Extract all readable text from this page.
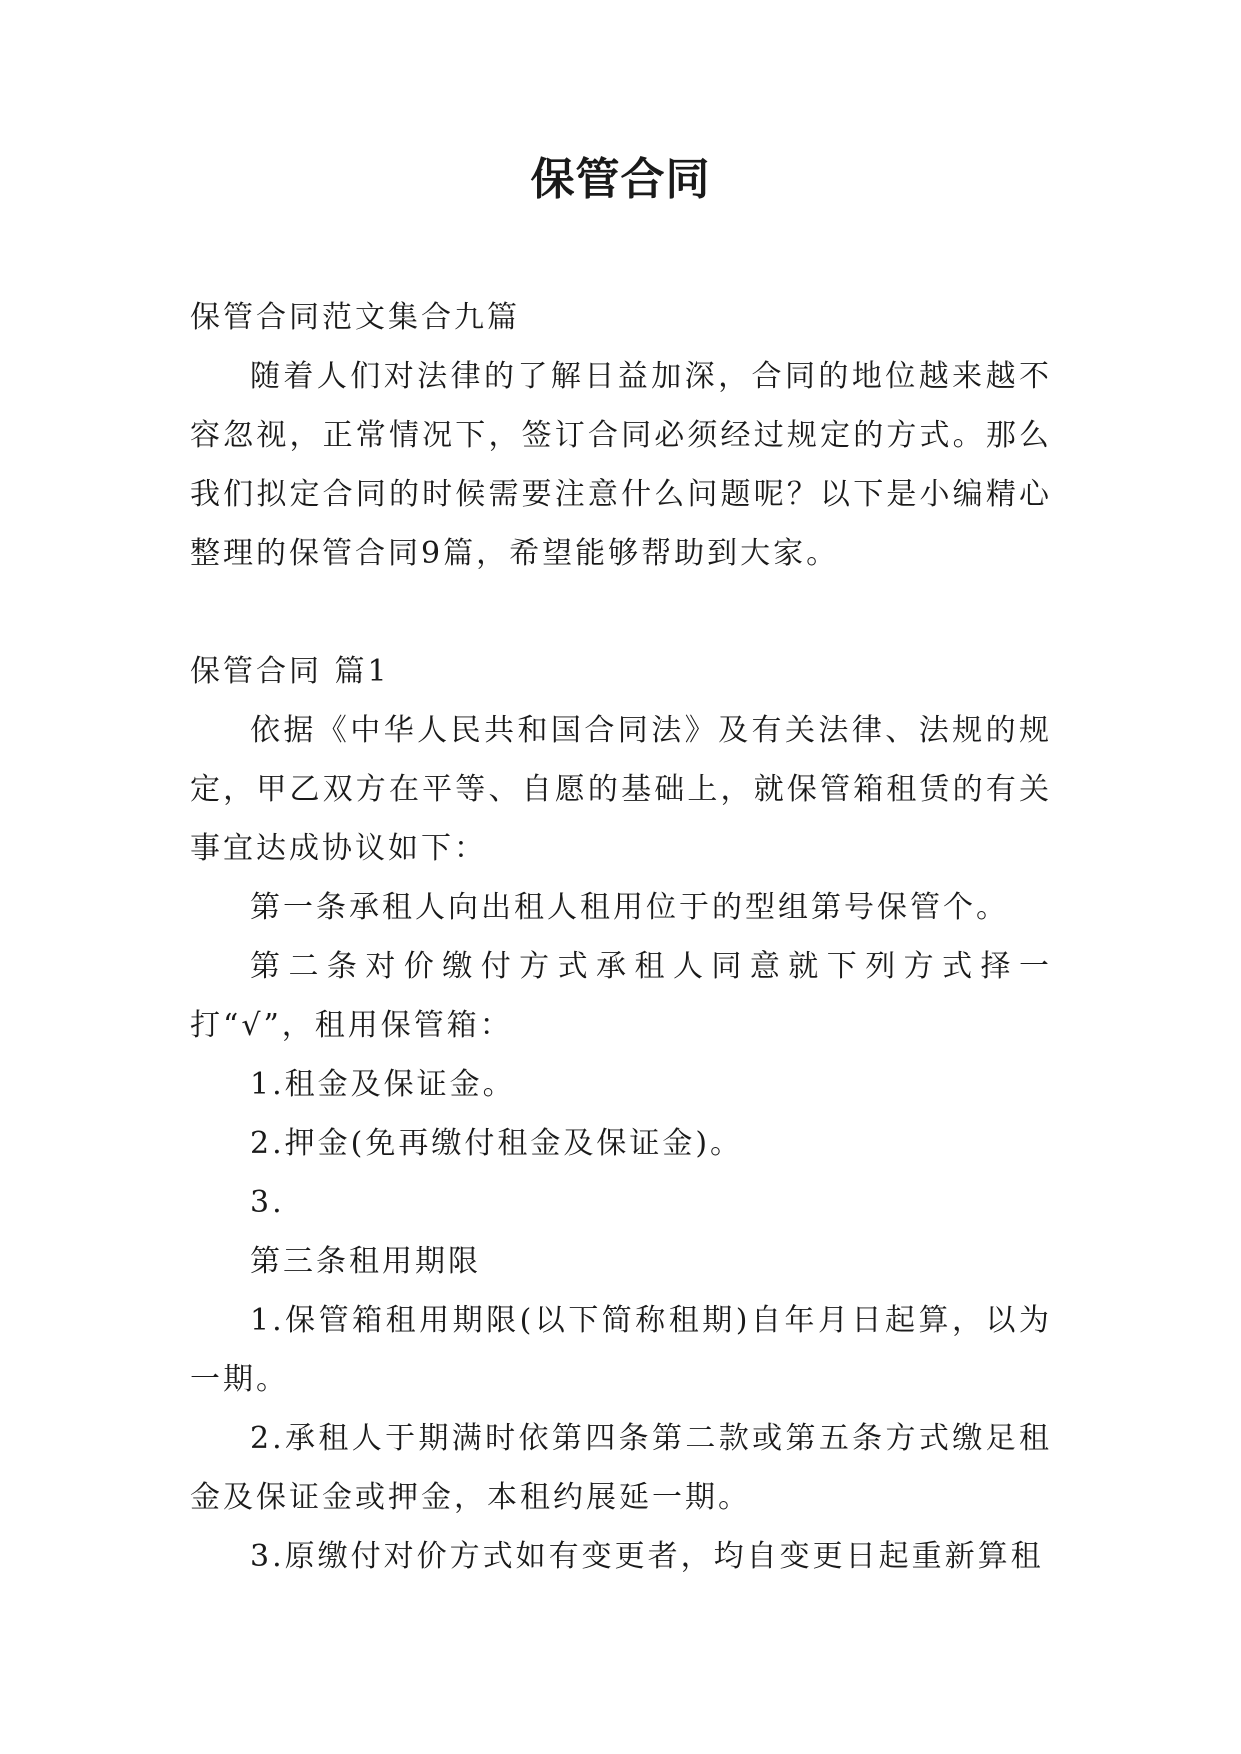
保管合同

保管合同范文集合九篇

随着人们对法律的了解日益加深，合同的地位越来越不容忽视，正常情况下，签订合同必须经过规定的方式。那么我们拟定合同的时候需要注意什么问题呢？以下是小编精心整理的保管合同9篇，希望能够帮助到大家。

保管合同 篇1

依据《中华人民共和国合同法》及有关法律、法规的规定，甲乙双方在平等、自愿的基础上，就保管箱租赁的有关事宜达成协议如下：

第一条承租人向出租人租用位于的型组第号保管个。

第二条对价缴付方式承租人同意就下列方式择一打“√”，租用保管箱：

1.租金及保证金。

2.押金(免再缴付租金及保证金)。

3.

第三条租用期限

1.保管箱租用期限(以下简称租期)自年月日起算，以为一期。

2.承租人于期满时依第四条第二款或第五条方式缴足租金及保证金或押金，本租约展延一期。

3.原缴付对价方式如有变更者，均自变更日起重新算租
